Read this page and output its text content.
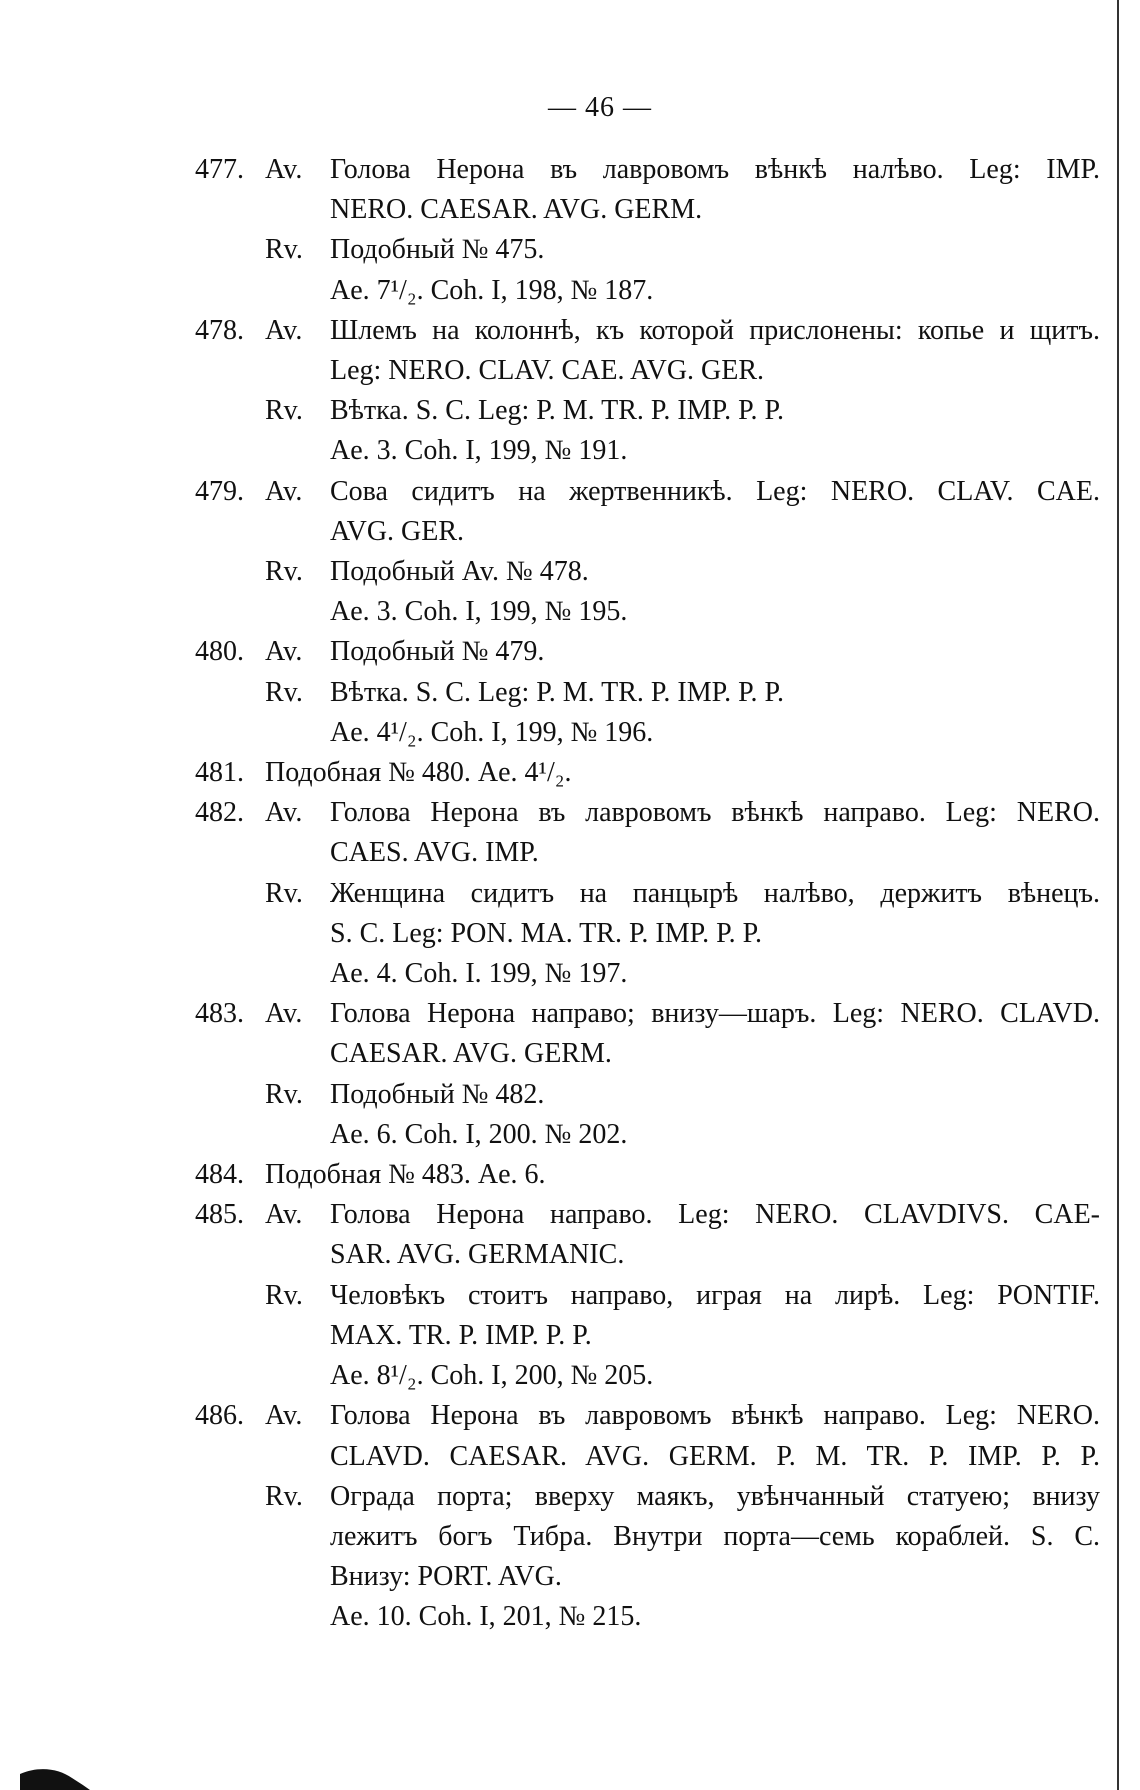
— 46 —
477. Av. Голова Нерона въ лавровомъ вѣнкѣ налѣво. Leg: IMP.
NERO. CAESAR. AVG. GERM.
Rv. Подобный № 475.
Ae. 7¹/₂. Coh. I, 198, № 187.
478. Av. Шлемъ на колоннѣ, къ которой прислонены: копье и щитъ.
Leg: NERO. CLAV. CAE. AVG. GER.
Rv. Вѣтка. S. C. Leg: P. M. TR. P. IMP. P. P.
Ae. 3. Coh. I, 199, № 191.
479. Av. Сова сидитъ на жертвенникѣ. Leg: NERO. CLAV. CAE.
AVG. GER.
Rv. Подобный Av. № 478.
Ae. 3. Coh. I, 199, № 195.
480. Av. Подобный № 479.
Rv. Вѣтка. S. C. Leg: P. M. TR. P. IMP. P. P.
Ae. 4¹/₂. Coh. I, 199, № 196.
481. Подобная № 480. Ae. 4¹/₂.
482. Av. Голова Нерона въ лавровомъ вѣнкѣ направо. Leg: NERO.
CAES. AVG. IMP.
Rv. Женщина сидитъ на панцырѣ налѣво, держитъ вѣнецъ.
S. C. Leg: PON. MA. TR. P. IMP. P. P.
Ae. 4. Coh. I. 199, № 197.
483. Av. Голова Нерона направо; внизу—шаръ. Leg: NERO. CLAVD.
CAESAR. AVG. GERM.
Rv. Подобный № 482.
Ae. 6. Coh. I, 200. № 202.
484. Подобная № 483. Ae. 6.
485. Av. Голова Нерона направо. Leg: NERO. CLAVDIVS. CAE-
SAR. AVG. GERMANIC.
Rv. Человѣкъ стоитъ направо, играя на лирѣ. Leg: PONTIF.
MAX. TR. P. IMP. P. P.
Ae. 8¹/₂. Coh. I, 200, № 205.
486. Av. Голова Нерона въ лавровомъ вѣнкѣ направо. Leg: NERO.
CLAVD. CAESAR. AVG. GERM. P. M. TR. P. IMP. P. P.
Rv. Ограда порта; вверху маякъ, увѣнчанный статуею; внизу
лежитъ богъ Тибра. Внутри порта—семь кораблей. S. C.
Внизу: PORT. AVG.
Ae. 10. Coh. I, 201, № 215.
